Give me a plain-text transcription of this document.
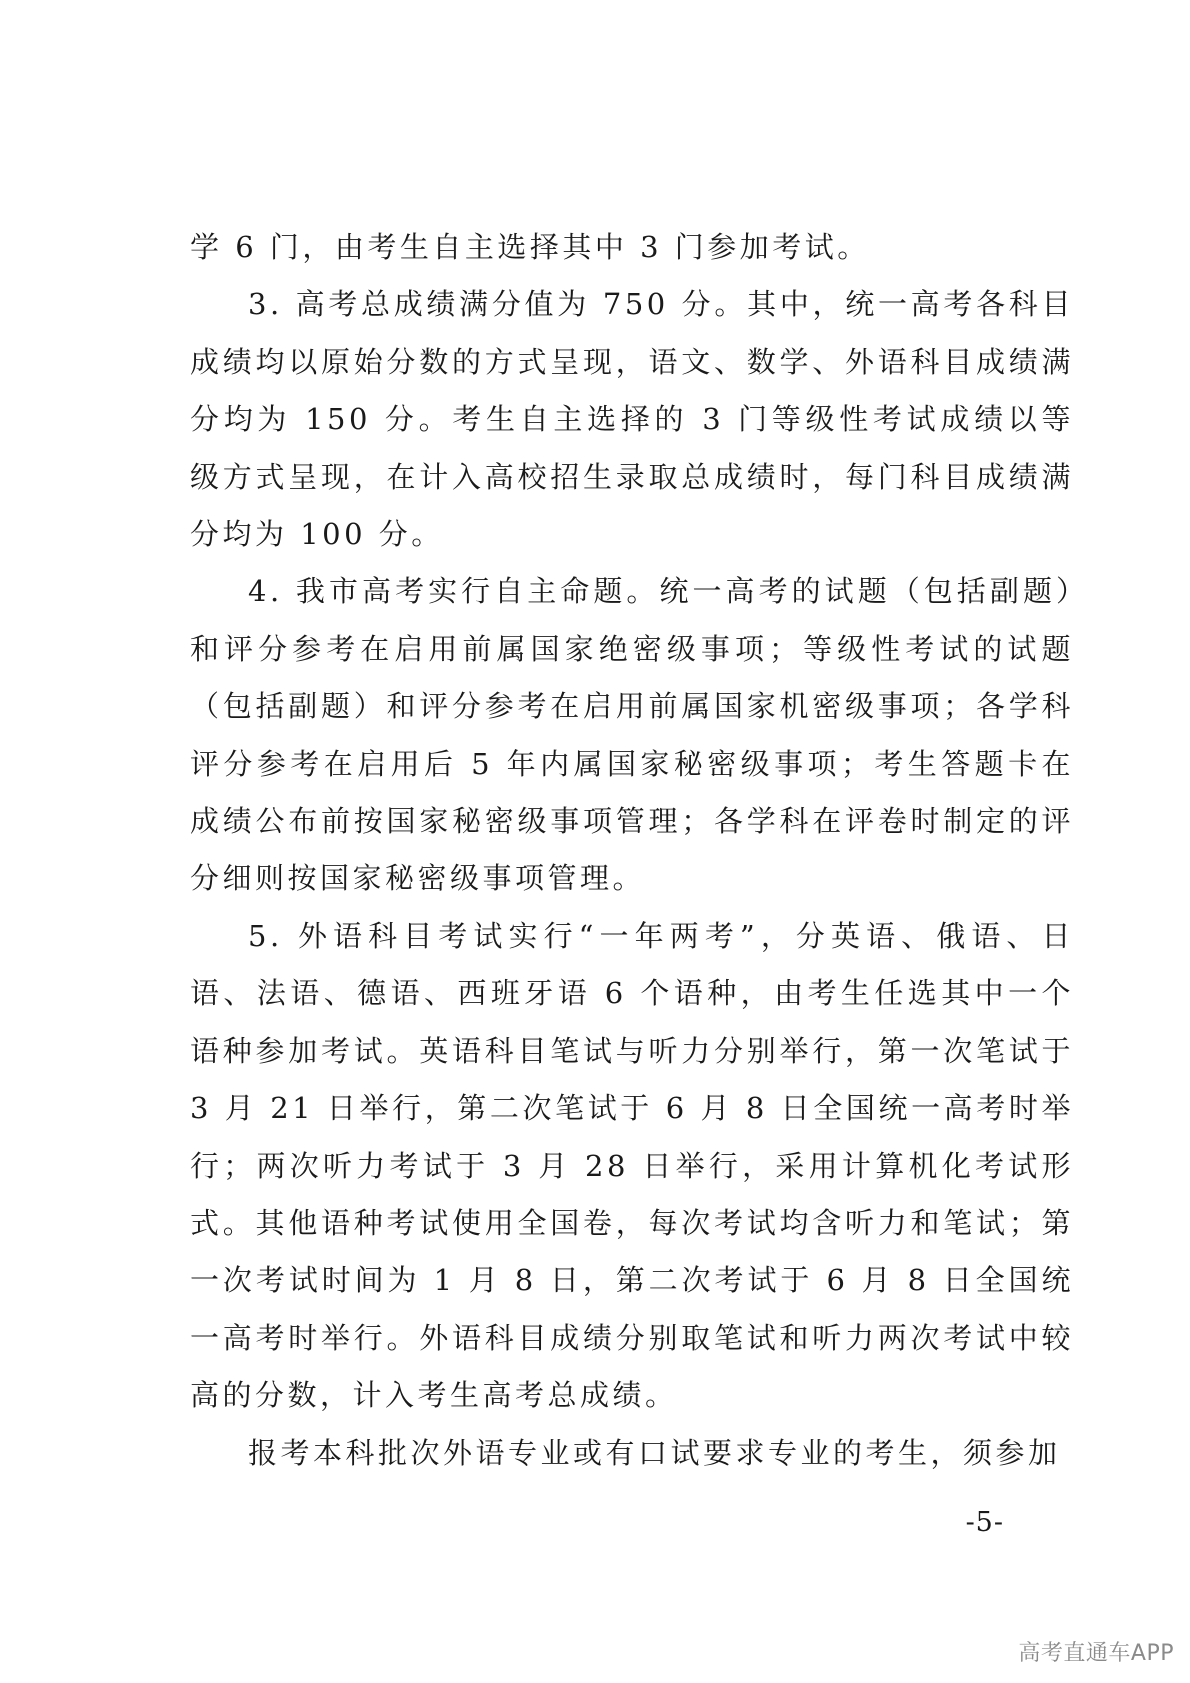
学 6 门，由考生自主选择其中 3 门参加考试。

3. 高考总成绩满分值为 750 分。其中，统一高考各科目成绩均以原始分数的方式呈现，语文、数学、外语科目成绩满分均为 150 分。考生自主选择的 3 门等级性考试成绩以等级方式呈现，在计入高校招生录取总成绩时，每门科目成绩满分均为 100 分。

4. 我市高考实行自主命题。统一高考的试题（包括副题）和评分参考在启用前属国家绝密级事项；等级性考试的试题（包括副题）和评分参考在启用前属国家机密级事项；各学科评分参考在启用后 5 年内属国家秘密级事项；考生答题卡在成绩公布前按国家秘密级事项管理；各学科在评卷时制定的评分细则按国家秘密级事项管理。

5. 外语科目考试实行“一年两考”，分英语、俄语、日语、法语、德语、西班牙语 6 个语种，由考生任选其中一个语种参加考试。英语科目笔试与听力分别举行，第一次笔试于 3 月 21 日举行，第二次笔试于 6 月 8 日全国统一高考时举行；两次听力考试于 3 月 28 日举行，采用计算机化考试形式。其他语种考试使用全国卷，每次考试均含听力和笔试；第一次考试时间为 1 月 8 日，第二次考试于 6 月 8 日全国统一高考时举行。外语科目成绩分别取笔试和听力两次考试中较高的分数，计入考生高考总成绩。

报考本科批次外语专业或有口试要求专业的考生，须参加

-5-
高考直通车APP
